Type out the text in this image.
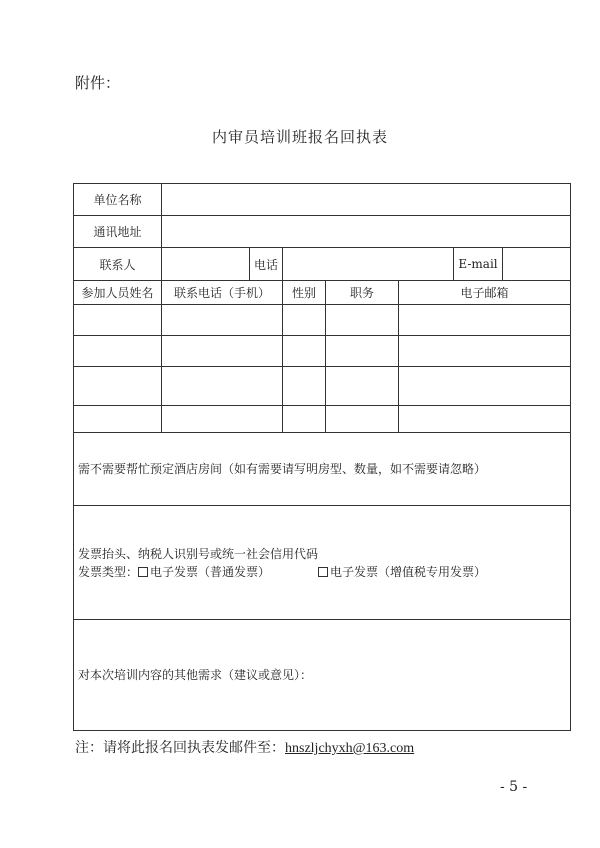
附件：
内审员培训班报名回执表
单位名称							
通讯地址							
联系人		电话				E-mail	
参加人员姓名	联系电话（手机）		性别	职务	电子邮箱		

需不需要帮忙预定酒店房间（如有需要请写明房型、数量，如不需要请忽略）							

发票抬头、纳税人识别号或统一社会信用代码
发票类型： 电子发票（普通发票） 电子发票（增值税专用发票）							

对本次培训内容的其他需求（建议或意见）：							
注：请将此报名回执表发邮件至：hnszljchyxh@163.com
- 5 -
